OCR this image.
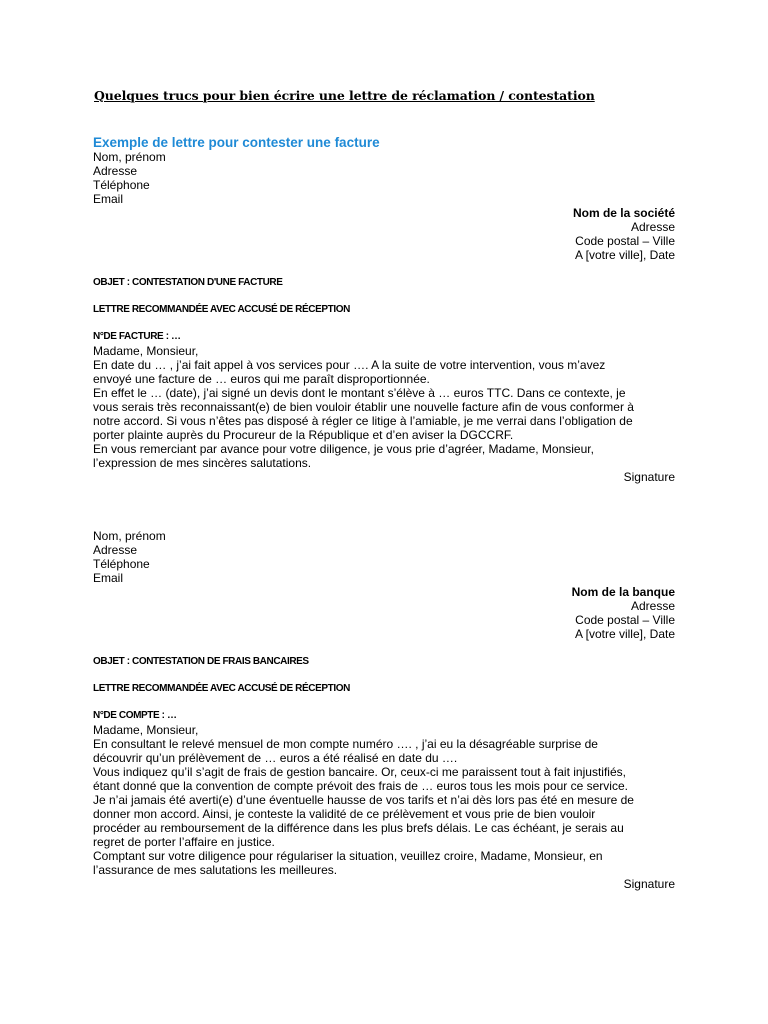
Quelques trucs pour bien écrire une lettre de réclamation / contestation
Exemple de lettre pour contester une facture
Nom, prénom
Adresse
Téléphone
Email
Nom de la société
Adresse
Code postal – Ville
A [votre ville], Date
OBJET : CONTESTATION D'UNE FACTURE
LETTRE RECOMMANDÉE AVEC ACCUSÉ DE RÉCEPTION
N°DE FACTURE : …
Madame, Monsieur,
En date du … , j’ai fait appel à vos services pour …. A la suite de votre intervention, vous m’avez
envoyé une facture de … euros qui me paraît disproportionnée.
En effet le … (date), j’ai signé un devis dont le montant s’élève à … euros TTC. Dans ce contexte, je
vous serais très reconnaissant(e) de bien vouloir établir une nouvelle facture afin de vous conformer à
notre accord. Si vous n’êtes pas disposé à régler ce litige à l’amiable, je me verrai dans l’obligation de
porter plainte auprès du Procureur de la République et d’en aviser la DGCCRF.
En vous remerciant par avance pour votre diligence, je vous prie d’agréer, Madame, Monsieur,
l’expression de mes sincères salutations.
Signature
Nom, prénom
Adresse
Téléphone
Email
Nom de la banque
Adresse
Code postal – Ville
A [votre ville], Date
OBJET : CONTESTATION DE FRAIS BANCAIRES
LETTRE RECOMMANDÉE AVEC ACCUSÉ DE RÉCEPTION
N°DE COMPTE : …
Madame, Monsieur,
En consultant le relevé mensuel de mon compte numéro …. , j’ai eu la désagréable surprise de
découvrir qu’un prélèvement de … euros a été réalisé en date du ….
Vous indiquez qu’il s’agit de frais de gestion bancaire. Or, ceux-ci me paraissent tout à fait injustifiés,
étant donné que la convention de compte prévoit des frais de … euros tous les mois pour ce service.
Je n’ai jamais été averti(e) d’une éventuelle hausse de vos tarifs et n’ai dès lors pas été en mesure de
donner mon accord. Ainsi, je conteste la validité de ce prélèvement et vous prie de bien vouloir
procéder au remboursement de la différence dans les plus brefs délais. Le cas échéant, je serais au
regret de porter l’affaire en justice.
Comptant sur votre diligence pour régulariser la situation, veuillez croire, Madame, Monsieur, en
l’assurance de mes salutations les meilleures.
Signature
